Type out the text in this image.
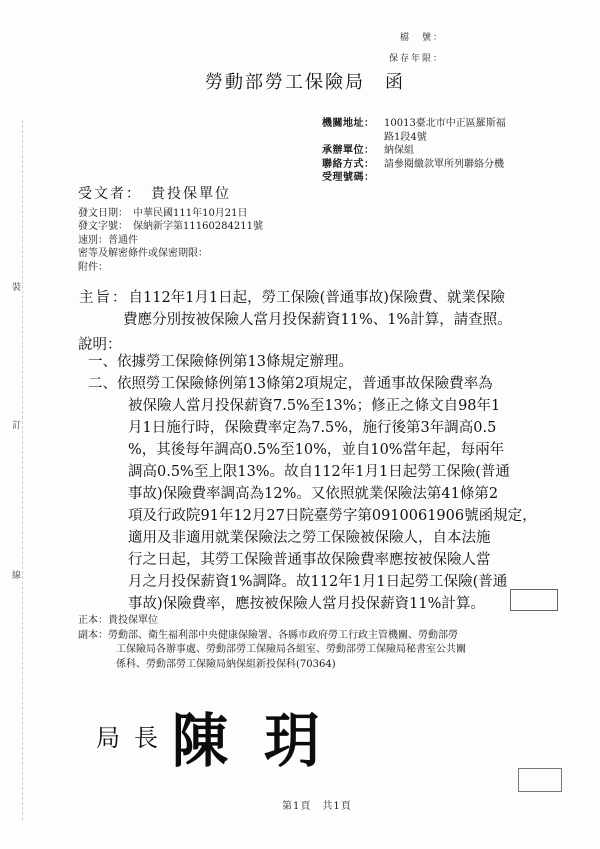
裝
訂
線
檔　號：
保存年限：
勞動部勞工保險局　函
機關地址： 10013臺北市中正區羅斯福
路1段4號
承辦單位： 納保組
聯絡方式： 請參閱繳款單所列聯絡分機
受理號碼：
受文者：　貴投保單位
發文日期：　中華民國111年10月21日
發文字號：　保納新字第11160284211號
速別：普通件
密等及解密條件或保密期限：
附件：
主旨：自112年1月1日起，勞工保險(普通事故)保險費、就業保險
費應分別按被保險人當月投保薪資11%、1%計算，請查照。
說明：
一、依據勞工保險條例第13條規定辦理。
二、依照勞工保險條例第13條第2項規定，普通事故保險費率為
被保險人當月投保薪資7.5%至13%；修正之條文自98年1
月1日施行時，保險費率定為7.5%，施行後第3年調高0.5
%，其後每年調高0.5%至10%，並自10%當年起，每兩年
調高0.5%至上限13%。故自112年1月1日起勞工保險(普通
事故)保險費率調高為12%。又依照就業保險法第41條第2
項及行政院91年12月27日院臺勞字第0910061906號函規定，
適用及非適用就業保險法之勞工保險被保險人，自本法施
行之日起，其勞工保險普通事故保險費率應按被保險人當
月之月投保薪資1%調降。故112年1月1日起勞工保險(普通
事故)保險費率，應按被保險人當月投保薪資11%計算。
正本：貴投保單位
副本：勞動部、衛生福利部中央健康保險署、各縣市政府勞工行政主管機關、勞動部勞
工保險局各辦事處、勞動部勞工保險局各組室、勞動部勞工保險局秘書室公共關
係科、勞動部勞工保險局納保組新投保科(70364)
局長 陳玥
第1頁　共1頁
